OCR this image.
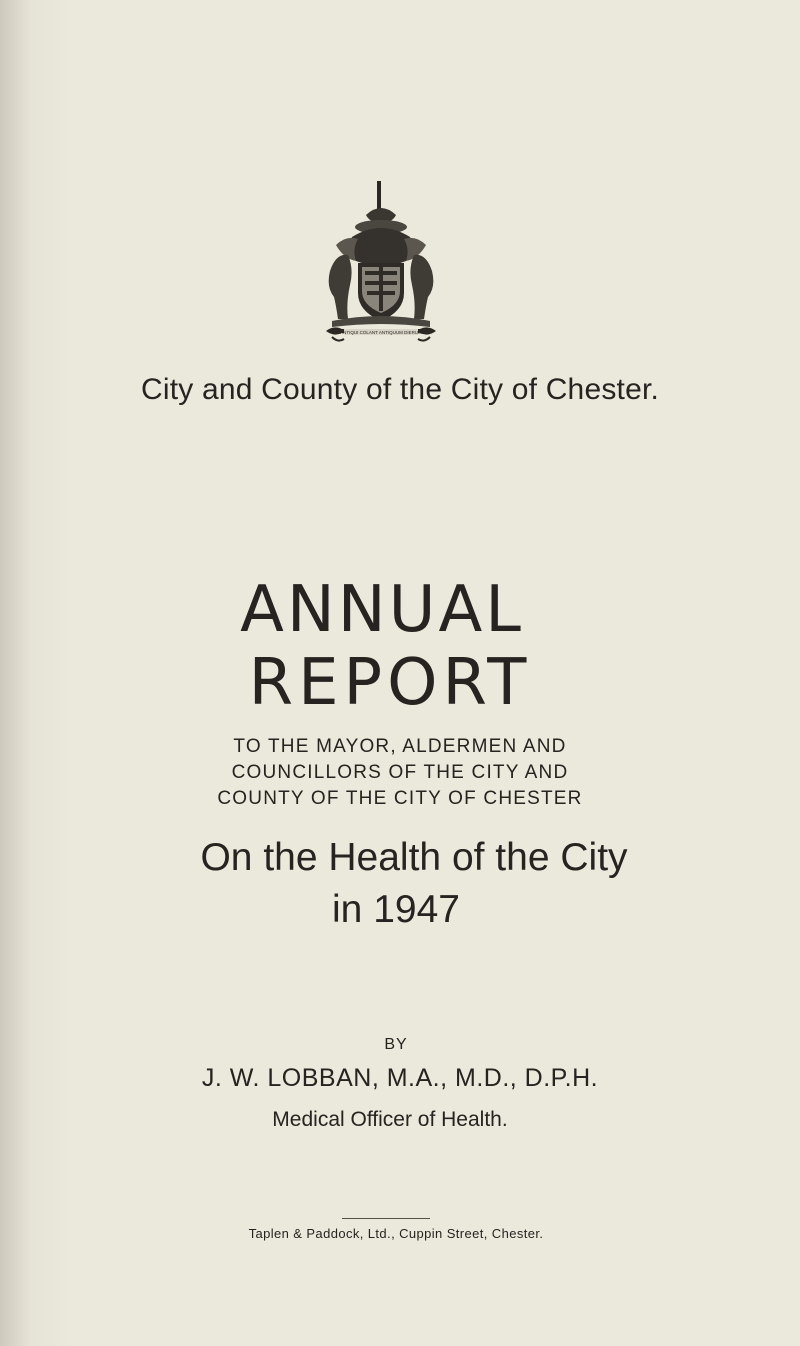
ANTIQUI COLANT ANTIQUUM DIERUM
City and County of the City of Chester.
ANNUAL
REPORT
TO THE MAYOR, ALDERMEN AND
COUNCILLORS OF THE CITY AND
COUNTY OF THE CITY OF CHESTER
On the Health of the City
in 1947
BY
J. W. LOBBAN, M.A., M.D., D.P.H.
Medical Officer of Health.
Taplen & Paddock, Ltd., Cuppin Street, Chester.
